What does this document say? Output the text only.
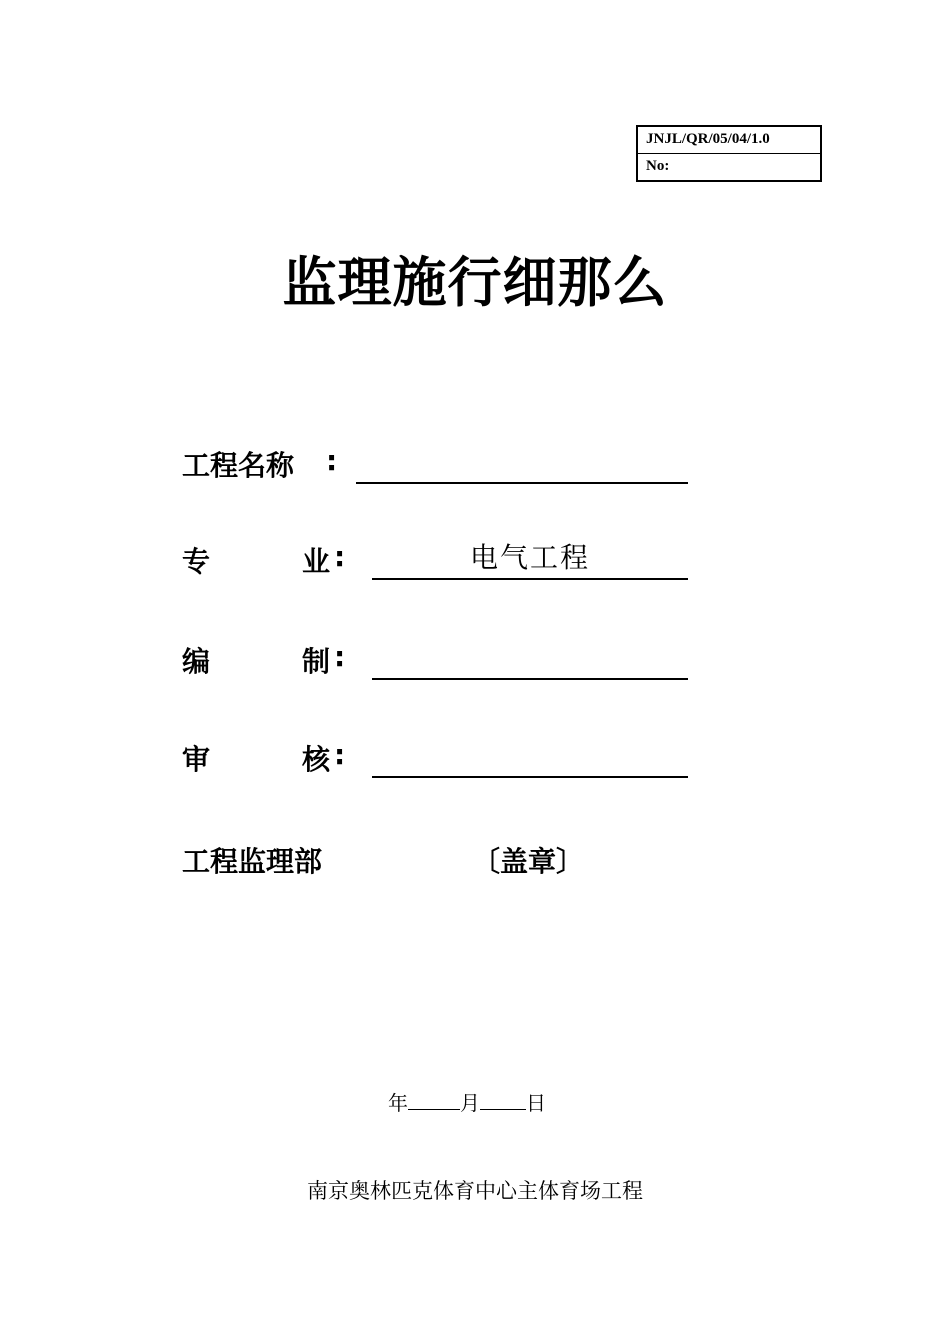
JNJL/QR/05/04/1.0
No:
监理施行细那么
工程名称 :
专	业 :	电气工程
编	制 :
审	核 :
工程监理部	〔盖章〕
年	月 日
南京奥林匹克体育中心主体育场工程
